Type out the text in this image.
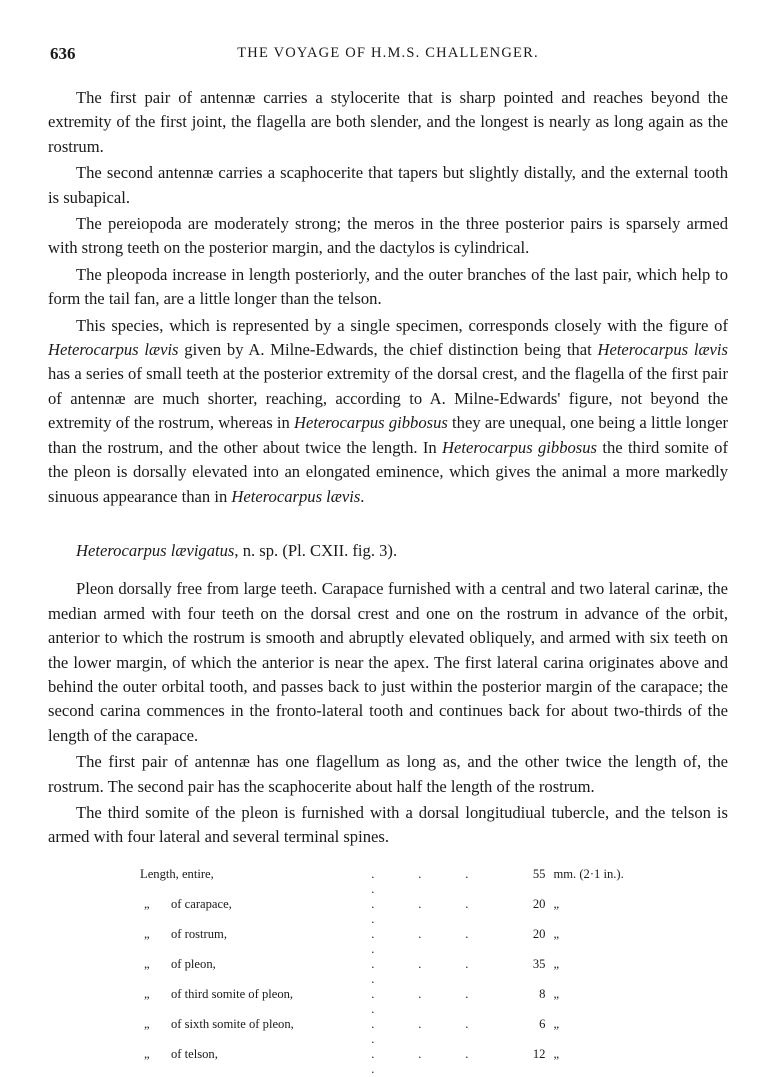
636	THE VOYAGE OF H.M.S. CHALLENGER.

The first pair of antennæ carries a stylocerite that is sharp pointed and reaches beyond the extremity of the first joint, the flagella are both slender, and the longest is nearly as long again as the rostrum.

The second antennæ carries a scaphocerite that tapers but slightly distally, and the external tooth is subapical.

The pereiopoda are moderately strong; the meros in the three posterior pairs is sparsely armed with strong teeth on the posterior margin, and the dactylos is cylindrical.

The pleopoda increase in length posteriorly, and the outer branches of the last pair, which help to form the tail fan, are a little longer than the telson.

This species, which is represented by a single specimen, corresponds closely with the figure of Heterocarpus lævis given by A. Milne-Edwards, the chief distinction being that Heterocarpus lævis has a series of small teeth at the posterior extremity of the dorsal crest, and the flagella of the first pair of antennæ are much shorter, reaching, according to A. Milne-Edwards' figure, not beyond the extremity of the rostrum, whereas in Heterocarpus gibbosus they are unequal, one being a little longer than the rostrum, and the other about twice the length. In Heterocarpus gibbosus the third somite of the pleon is dorsally elevated into an elongated eminence, which gives the animal a more markedly sinuous appearance than in Heterocarpus lævis.

Heterocarpus lævigatus, n. sp. (Pl. CXII. fig. 3).

Pleon dorsally free from large teeth. Carapace furnished with a central and two lateral carinæ, the median armed with four teeth on the dorsal crest and one on the rostrum in advance of the orbit, anterior to which the rostrum is smooth and abruptly elevated obliquely, and armed with six teeth on the lower margin, of which the anterior is near the apex. The first lateral carina originates above and behind the outer orbital tooth, and passes back to just within the posterior margin of the carapace; the second carina commences in the fronto-lateral tooth and continues back for about two-thirds of the length of the carapace.

The first pair of antennæ has one flagellum as long as, and the other twice the length of, the rostrum. The second pair has the scaphocerite about half the length of the rostrum.

The third somite of the pleon is furnished with a dorsal longitudiual tubercle, and the telson is armed with four lateral and several terminal spines.

Length, entire,	. . ..	55	mm. (2·1 in.).
„ of carapace,	. . ..	20	„
„ of rostrum,	. . ..	20	„
„ of pleon,	. . ..	35	„
„ of third somite of pleon,	. . ..	8	„
„ of sixth somite of pleon,	. . ..	6	„
„ of telson,	. . ..	12	„
